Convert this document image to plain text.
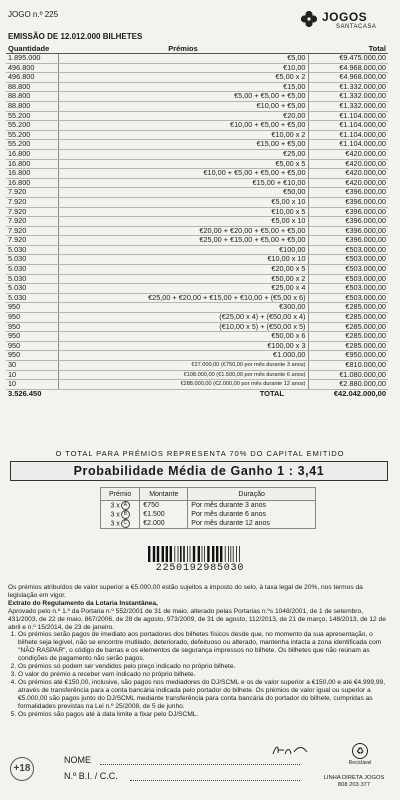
JOGO n.º 225	JOGOS
SANTACASA
EMISSÃO DE 12.012.000 BILHETES
Quantidade	Prémios	Total
1.895.000	€5,00	€9.475.000,00
496.800	€10,00	€4.968.000,00
496.800	€5,00 x 2	€4.968.000,00
88.800	€15,00	€1.332.000,00
88.800	€5,00 + €5,00 + €5,00	€1.332.000,00
88.800	€10,00 + €5,00	€1.332.000,00
55.200	€20,00	€1.104.000,00
55.200	€10,00 + €5,00 + €5,00	€1.104.000,00
55.200	€10,00 x 2	€1.104.000,00
55.200	€15,00 + €5,00	€1.104.000,00
16.800	€25,00	€420.000,00
16.800	€5,00 x 5	€420.000,00
16.800	€10,00 + €5,00 + €5,00 + €5,00	€420.000,00
16.800	€15,00 + €10,00	€420.000,00
7.920	€50,00	€396.000,00
7.920	€5,00 x 10	€396.000,00
7.920	€10,00 x 5	€396.000,00
7.920	€5,00 x 10	€396.000,00
7.920	€20,00 + €20,00 + €5,00 + €5,00	€396.000,00
7.920	€25,00 + €15,00 + €5,00 + €5,00	€396.000,00
5.030	€100,00	€503.000,00
5.030	€10,00 x 10	€503.000,00
5.030	€20,00 x 5	€503.000,00
5.030	€50,00 x 2	€503.000,00
5.030	€25,00 x 4	€503.000,00
5.030	€25,00 + €20,00 + €15,00 + €10,00 + (€5,00 x 6)	€503.000,00
950	€300,00	€285.000,00
950	(€25,00 x 4) + (€50,00 x 4)	€285.000,00
950	(€10,00 x 5) + (€50,00 x 5)	€285.000,00
950	€50,00 x 6	€285.000,00
950	€100,00 x 3	€285.000,00
950	€1.000,00	€950.000,00
30	€27.000,00 (€750,00 por mês durante 3 anos)	€810.000,00
10	€108.000,00 (€1.500,00 por mês durante 6 anos)	€1.080.000,00
10	€288.000,00 (€2.000,00 por mês durante 12 anos)	€2.880.000,00
3.526.450	TOTAL	€42.042.000,00
O TOTAL PARA PRÉMIOS REPRESENTA 70% DO CAPITAL EMITIDO
Probabilidade Média de Ganho 1 : 3,41
Prémio	Montante	Duração
3 x A	€750	Por mês durante 3 anos
3 x B	€1.500	Por mês durante 6 anos
3 x C	€2.000	Por mês durante 12 anos
2250192985030

Os prémios atribuídos de valor superior a €5.000,00 estão sujeitos a imposto do selo, à taxa legal de 20%, nos termos da legislação em vigor.

Extrato do Regulamento da Lotaria Instantânea,

Aprovado pelo n.º 1.º da Portaria n.º 552/2001 de 31 de maio, alterado pelas Portarias n.ºs 1048/2001, de 1 de setembro, 431/2003, de 22 de maio, 867/2006, de 28 de agosto, 973/2009, de 31 de agosto, 112/2013, de 21 de março, 148/2013, de 12 de abril e n.º 15/2014, de 23 de janeiro.

1. Os prémios serão pagos de imediato aos portadores dos bilhetes físicos desde que, no momento da sua apresentação, o bilhete seja legível, não se encontre mutilado, deteriorado, defeituoso ou alterado, mantenha intacta a zona identificada com "NÃO RASPAR", o código de barras e os elementos de segurança impressos no bilhete. Os bilhetes que não reúnam as condições de pagamento não serão pagos.
2. Os prémios só podem ser vendidos pelo preço indicado no próprio bilhete.
3. O valor do prémio a receber vem indicado no próprio bilhete.
4. Os prémios até €150,00, inclusive, são pagos nos mediadores do DJ/SCML e os de valor superior a €150,00 e até €4.999,99, através de transferência para a conta bancária indicada pelo portador do bilhete. Os prémios de valor igual ou superior a €5.000,00 são pagos junto do DJ/SCML mediante transferência para conta bancária do portador do bilhete, cumpridas as formalidades previstas na Lei n.º 25/2008, de 5 de junho.
5. Os prémios são pagos até à data limite a fixar pelo DJ/SCML.
♻
Reciclável
+18
NOME
N.º B.I. / C.C.	LINHA DIRETA JOGOS
808 203 377
